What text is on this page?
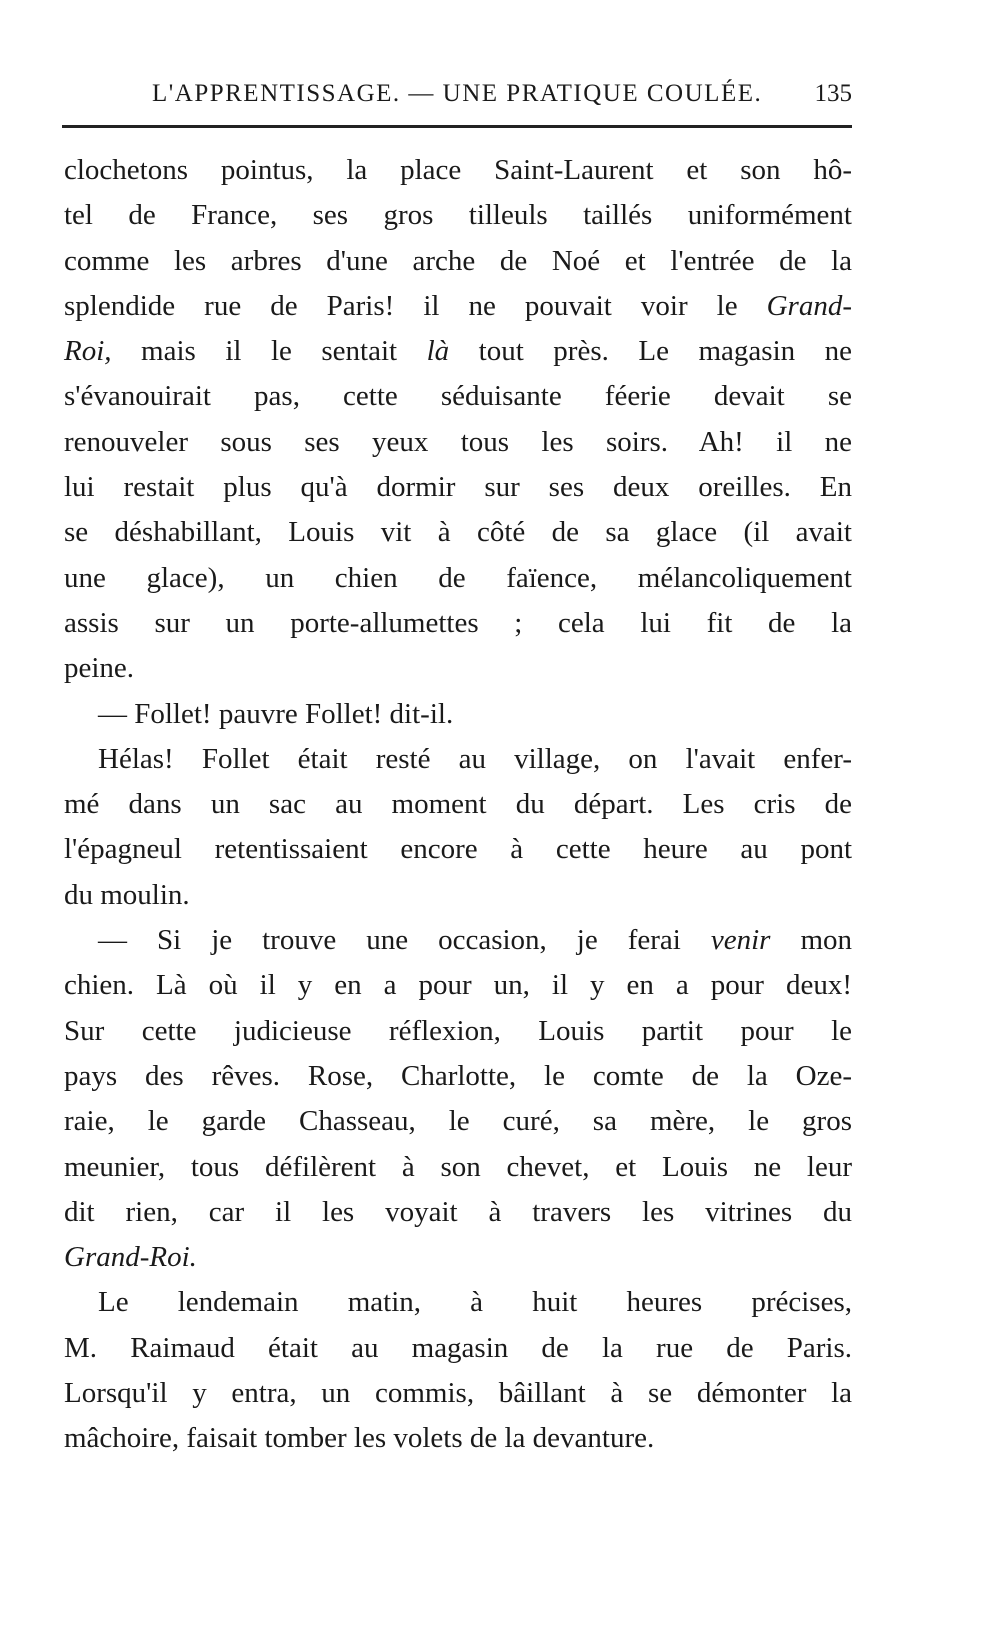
L'APPRENTISSAGE. — UNE PRATIQUE COULÉE. 135
clochetons pointus, la place Saint-Laurent et son hô-
tel de France, ses gros tilleuls taillés uniformément
comme les arbres d'une arche de Noé et l'entrée de la
splendide rue de Paris! il ne pouvait voir le Grand-
Roi, mais il le sentait là tout près. Le magasin ne
s'évanouirait pas, cette séduisante féerie devait se
renouveler sous ses yeux tous les soirs. Ah! il ne
lui restait plus qu'à dormir sur ses deux oreilles. En
se déshabillant, Louis vit à côté de sa glace (il avait
une glace), un chien de faïence, mélancoliquement
assis sur un porte-allumettes ; cela lui fit de la
peine.
— Follet! pauvre Follet! dit-il.
Hélas! Follet était resté au village, on l'avait enfer-
mé dans un sac au moment du départ. Les cris de
l'épagneul retentissaient encore à cette heure au pont
du moulin.
— Si je trouve une occasion, je ferai venir mon
chien. Là où il y en a pour un, il y en a pour deux!
Sur cette judicieuse réflexion, Louis partit pour le
pays des rêves. Rose, Charlotte, le comte de la Oze-
raie, le garde Chasseau, le curé, sa mère, le gros
meunier, tous défilèrent à son chevet, et Louis ne leur
dit rien, car il les voyait à travers les vitrines du
Grand-Roi.
Le lendemain matin, à huit heures précises,
M. Raimaud était au magasin de la rue de Paris.
Lorsqu'il y entra, un commis, bâillant à se démonter la
mâchoire, faisait tomber les volets de la devanture.
